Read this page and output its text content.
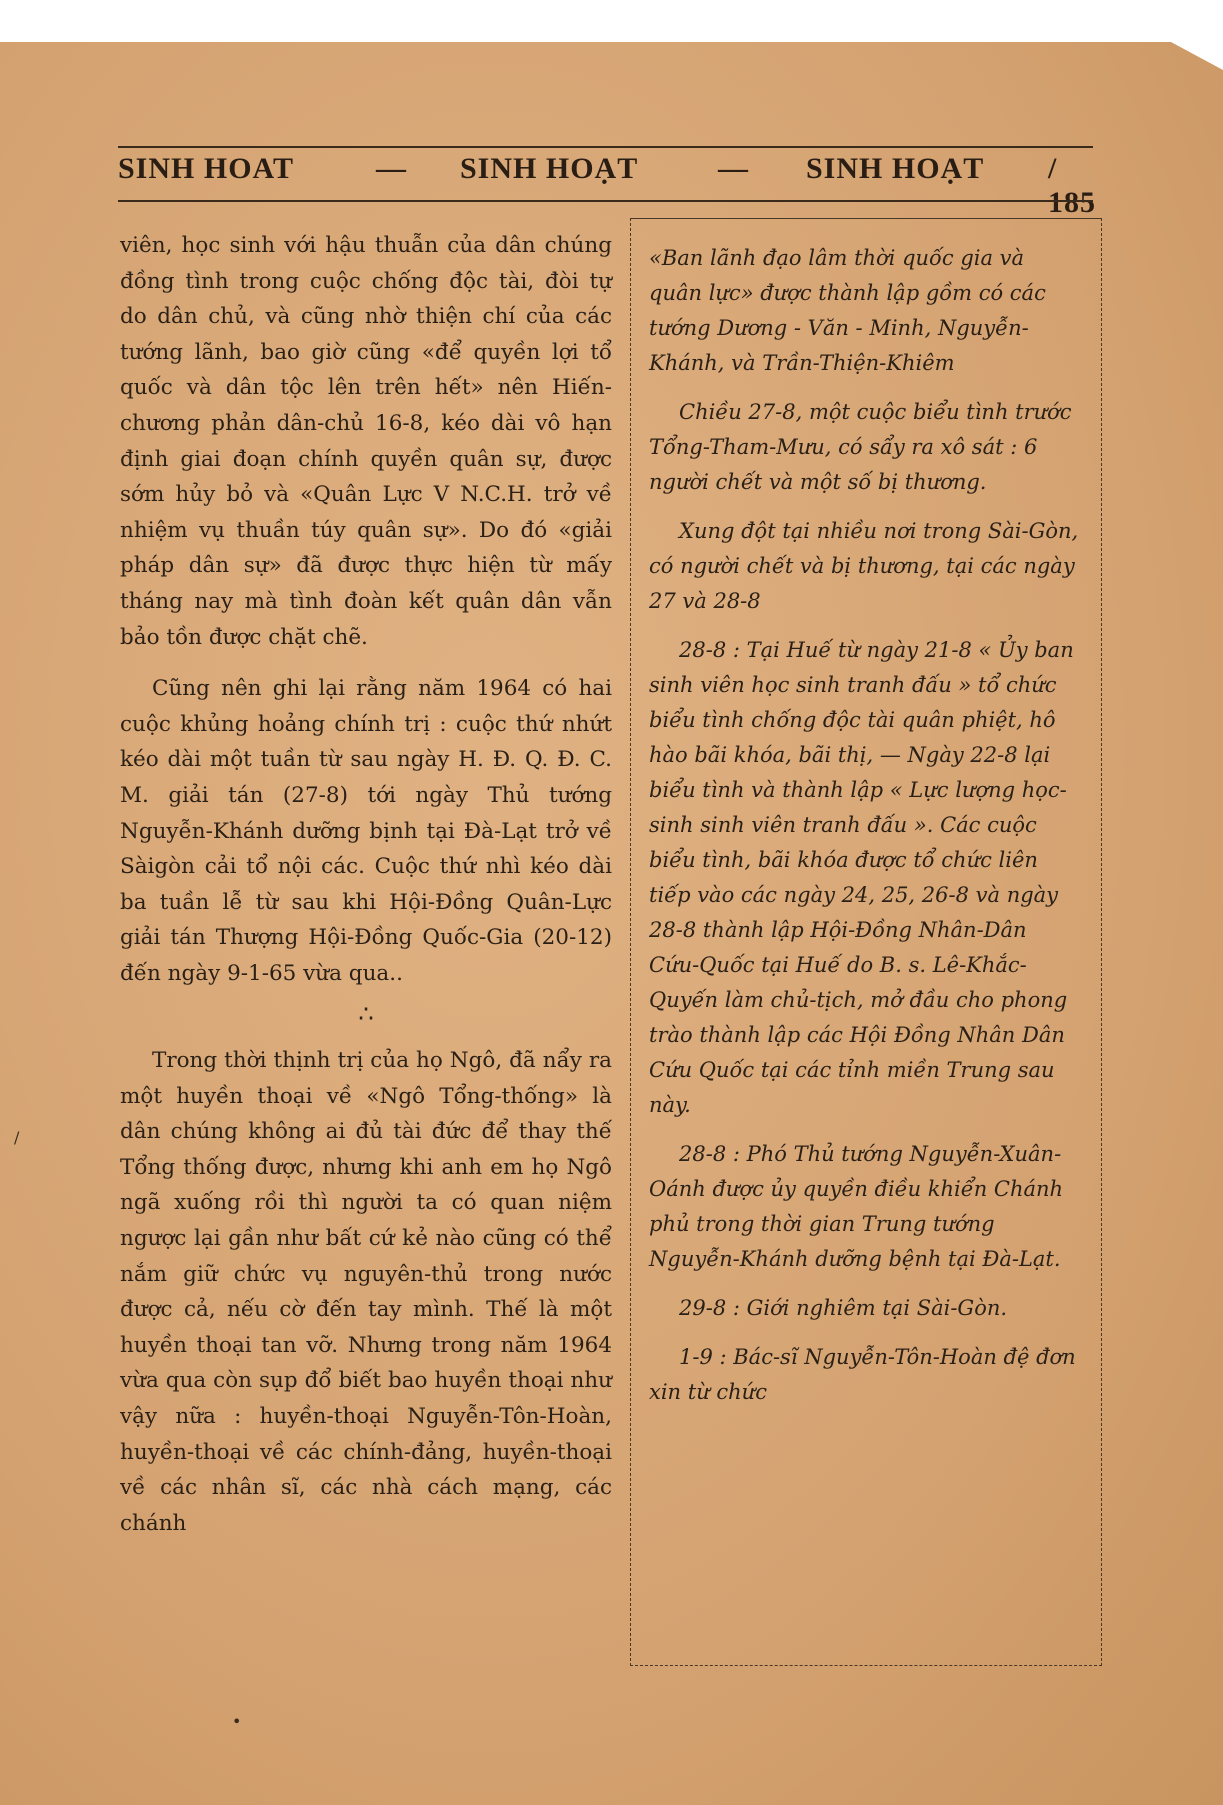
SINH HOAT	— SINH HOẠT	— SINH HOẠT / 185

viên, học sinh với hậu thuẫn của dân chúng đồng tình trong cuộc chống độc tài, đòi tự do dân chủ, và cũng nhờ thiện chí của các tướng lãnh, bao giờ cũng «để quyền lợi tổ quốc và dân tộc lên trên hết» nên Hiến-chương phản dân-chủ 16-8, kéo dài vô hạn định giai đoạn chính quyền quân sự, được sớm hủy bỏ và «Quân Lực V N.C.H. trở về nhiệm vụ thuần túy quân sự». Do đó «giải pháp dân sự» đã được thực hiện từ mấy tháng nay mà tình đoàn kết quân dân vẫn bảo tồn được chặt chẽ.

Cũng nên ghi lại rằng năm 1964 có hai cuộc khủng hoảng chính trị : cuộc thứ nhứt kéo dài một tuần từ sau ngày H. Đ. Q. Đ. C. M. giải tán (27-8) tới ngày Thủ tướng Nguyễn-Khánh dưỡng bịnh tại Đà-Lạt trở về Sàigòn cải tổ nội các. Cuộc thứ nhì kéo dài ba tuần lễ từ sau khi Hội-Đồng Quân-Lực giải tán Thượng Hội-Đồng Quốc-Gia (20-12) đến ngày 9-1-65 vừa qua..

∴

Trong thời thịnh trị của họ Ngô, đã nẩy ra một huyền thoại về «Ngô Tổng-thống» là dân chúng không ai đủ tài đức để thay thế Tổng thống được, nhưng khi anh em họ Ngô ngã xuống rồi thì người ta có quan niệm ngược lại gần như bất cứ kẻ nào cũng có thể nắm giữ chức vụ nguyên-thủ trong nước được cả, nếu cờ đến tay mình. Thế là một huyền thoại tan vỡ. Nhưng trong năm 1964 vừa qua còn sụp đổ biết bao huyền thoại như vậy nữa : huyền-thoại Nguyễn-Tôn-Hoàn, huyền-thoại về các chính-đảng, huyền-thoại về các nhân sĩ, các nhà cách mạng, các chánh

«Ban lãnh đạo lâm thời quốc gia và quân lực» được thành lập gồm có các tướng Dương - Văn - Minh, Nguyễn-Khánh, và Trần-Thiện-Khiêm

Chiều 27-8, một cuộc biểu tình trước Tổng-Tham-Mưu, có sẩy ra xô sát : 6 người chết và một số bị thương.

Xung đột tại nhiều nơi trong Sài-Gòn, có người chết và bị thương, tại các ngày 27 và 28-8

28-8 : Tại Huế từ ngày 21-8 « Ủy ban sinh viên học sinh tranh đấu » tổ chức biểu tình chống độc tài quân phiệt, hô hào bãi khóa, bãi thị, — Ngày 22-8 lại biểu tình và thành lập « Lực lượng học-sinh sinh viên tranh đấu ». Các cuộc biểu tình, bãi khóa được tổ chức liên tiếp vào các ngày 24, 25, 26-8 và ngày 28-8 thành lập Hội-Đồng Nhân-Dân Cứu-Quốc tại Huế do B. s. Lê-Khắc-Quyến làm chủ-tịch, mở đầu cho phong trào thành lập các Hội Đồng Nhân Dân Cứu Quốc tại các tỉnh miền Trung sau này.

28-8 : Phó Thủ tướng Nguyễn-Xuân-Oánh được ủy quyền điều khiển Chánh phủ trong thời gian Trung tướng Nguyễn-Khánh dưỡng bệnh tại Đà-Lạt.

29-8 : Giới nghiêm tại Sài-Gòn.

1-9 : Bác-sĩ Nguyễn-Tôn-Hoàn đệ đơn xin từ chức

/
•
